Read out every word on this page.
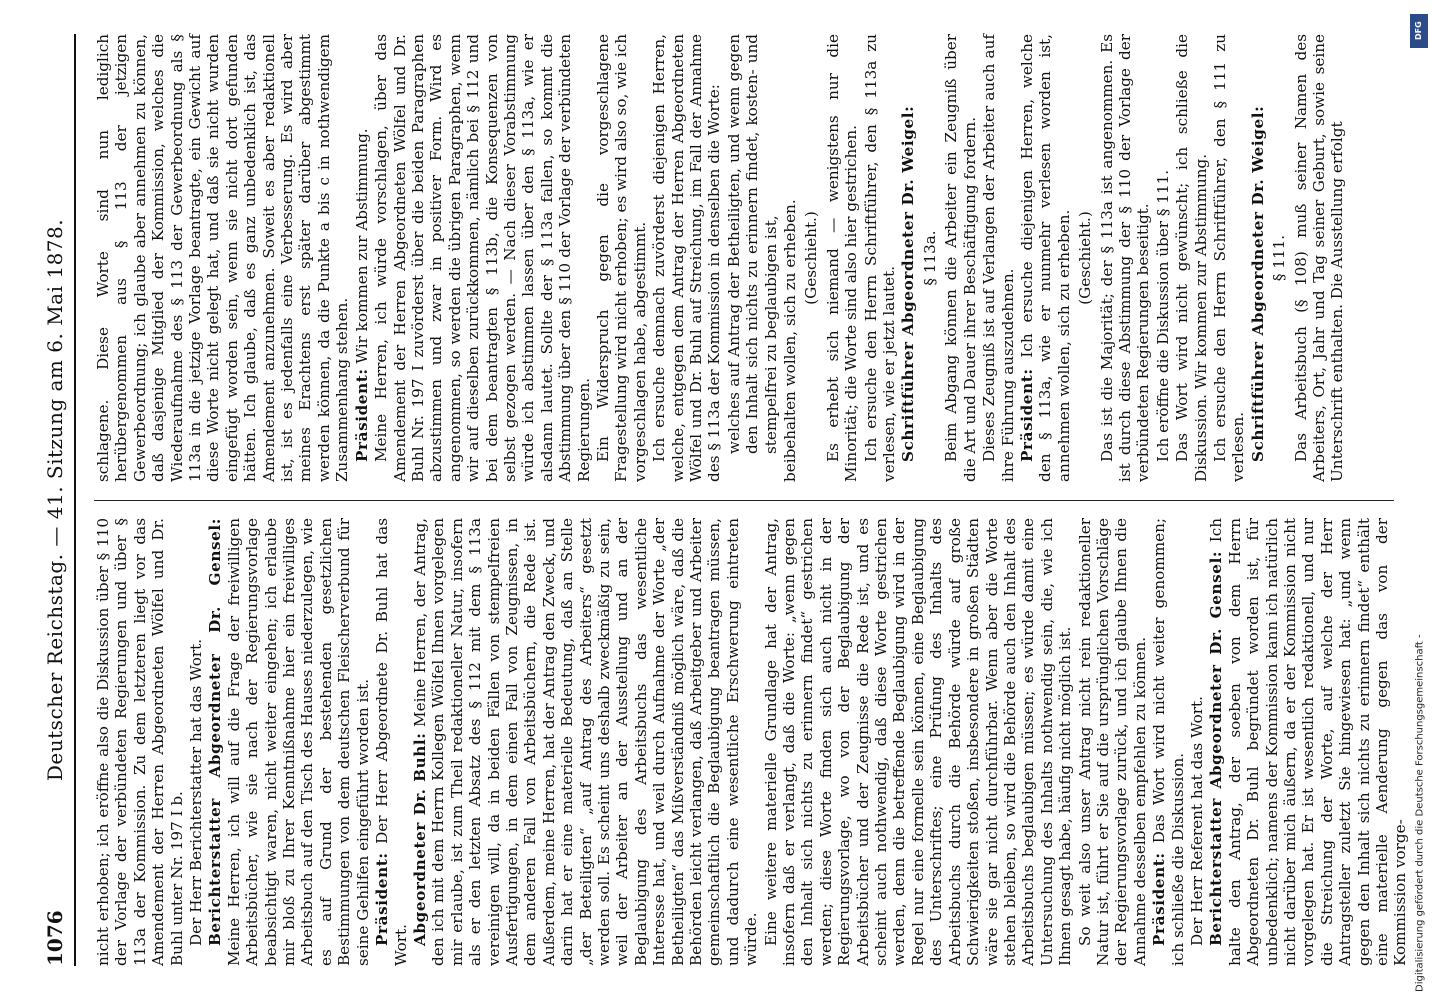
1076
Deutscher Reichstag. — 41. Sitzung am 6. Mai 1878.	nicht erhoben; ich eröffne also die Diskussion über § 110 der Vorlage der verbündeten Regierungen und über § 113a der Kommission. Zu dem letzteren liegt vor das Amendement der Herren Abgeordneten Wölfel und Dr. Buhl unter Nr. 197 I b. Der Herr Berichterstatter hat das Wort. Berichterstatter Abgeordneter Dr. Gensel: Meine Herren, ich will auf die Frage der freiwilligen Arbeitsbücher, wie sie nach der Regierungsvorlage beabsichtigt waren, nicht weiter eingehen; ich erlaube mir bloß zu Ihrer Kenntnißnahme hier ein freiwilliges Arbeitsbuch auf den Tisch des Hauses niederzulegen, wie es auf Grund der bestehenden gesetzlichen Bestimmungen von dem deutschen Fleischerverbund für seine Gehilfen eingeführt worden ist. Präsident: Der Herr Abgeordnete Dr. Buhl hat das Wort. Abgeordneter Dr. Buhl: Meine Herren, der Antrag, den ich mit dem Herrn Kollegen Wölfel Ihnen vorgelegen mir erlaube, ist zum Theil redaktioneller Natur, insofern als er den letzten Absatz des § 112 mit dem § 113a vereinigen will, da in beiden Fällen von stempelfreien Ausfertigungen, in dem einen Fall von Zeugnissen, in dem anderen Fall von Arbeitsbüchern, die Rede ist. Außerdem, meine Herren, hat der Antrag den Zweck, und darin hat er eine materielle Bedeutung, daß an Stelle „der Beteiligten“ „auf Antrag des Arbeiters“ gesetzt werden soll. Es scheint uns deshalb zweckmäßig zu sein, weil der Arbeiter an der Ausstellung und an der Beglaubigung des Arbeitsbuchs das wesentliche Interesse hat, und weil durch Aufnahme der Worte „der Betheiligten“ das Mißverständniß möglich wäre, daß die Behörden leicht verlangen, daß Arbeitgeber und Arbeiter gemeinschaftlich die Beglaubigung beantragen müssen, und dadurch eine wesentliche Erschwerung eintreten würde. Eine weitere materielle Grundlage hat der Antrag, insofern daß er verlangt, daß die Worte: „wenn gegen den Inhalt sich nichts zu erinnern findet“ gestrichen werden; diese Worte finden sich auch nicht in der Regierungsvorlage, wo von der Beglaubigung der Arbeitsbücher und der Zeugnisse die Rede ist, und es scheint auch nothwendig, daß diese Worte gestrichen werden, denn die betreffende Beglaubigung wird in der Regel nur eine formelle sein können, eine Beglaubigung des Unterschriftes; eine Prüfung des Inhalts des Arbeitsbuchs durch die Behörde würde auf große Schwierigkeiten stoßen, insbesondere in großen Städten wäre sie gar nicht durchführbar. Wenn aber die Worte stehen bleiben, so wird die Behörde auch den Inhalt des Arbeitsbuchs beglaubigen müssen; es würde damit eine Untersuchung des Inhalts nothwendig sein, die, wie ich Ihnen gesagt habe, häufig nicht möglich ist. So weit also unser Antrag nicht rein redaktioneller Natur ist, führt er Sie auf die ursprünglichen Vorschläge der Regierungsvorlage zurück, und ich glaube Ihnen die Annahme desselben empfehlen zu können. Präsident: Das Wort wird nicht weiter genommen; ich schließe die Diskussion. Der Herr Referent hat das Wort. Berichterstatter Abgeordneter Dr. Gensel: Ich halte den Antrag, der soeben von dem Herrn Abgeordneten Dr. Buhl begründet worden ist, für unbedenklich; namens der Kommission kann ich natürlich nicht darüber mich äußern, da er der Kommission nicht vorgelegen hat. Er ist wesentlich redaktionell, und nur die Streichung der Worte, auf welche der Herr Antragsteller zuletzt Sie hingewiesen hat: „und wenn gegen den Inhalt sich nichts zu erinnern findet“ enthält eine materielle Aenderung gegen das von der Kommission vorge-

schlagene. Diese Worte sind nun lediglich herübergenommen aus § 113 der jetzigen Gewerbeordnung; ich glaube aber annehmen zu können, daß dasjenige Mitglied der Kommission, welches die Wiederaufnahme des § 113 der Gewerbeordnung als § 113a in die jetzige Vorlage beantragte, ein Gewicht auf diese Worte nicht gelegt hat, und daß sie nicht wurden eingefügt worden sein, wenn sie nicht dort gefunden hätten. Ich glaube, daß es ganz unbedenklich ist, das Amendement anzunehmen. Soweit es aber redaktionell ist, ist es jedenfalls eine Verbesserung. Es wird aber meines Erachtens erst später darüber abgestimmt werden können, da die Punkte a bis c in nothwendigem Zusammenhang stehen. Präsident: Wir kommen zur Abstimmung. Meine Herren, ich würde vorschlagen, über das Amendement der Herren Abgeordneten Wölfel und Dr. Buhl Nr. 197 I zuvörderst über die beiden Paragraphen abzustimmen und zwar in positiver Form. Wird es angenommen, so werden die übrigen Paragraphen, wenn wir auf dieselben zurückkommen, nämlich bei § 112 und bei dem beantragten § 113b, die Konsequenzen von selbst gezogen werden. — Nach dieser Vorabstimmung würde ich abstimmen lassen über den § 113a, wie er alsdann lautet. Sollte der § 113a fallen, so kommt die Abstimmung über den § 110 der Vorlage der verbündeten Regierungen. Ein Widerspruch gegen die vorgeschlagene Fragestellung wird nicht erhoben; es wird also so, wie ich vorgeschlagen habe, abgestimmt. Ich ersuche demnach zuvörderst diejenigen Herren, welche, entgegen dem Antrag der Herren Abgeordneten Wölfel und Dr. Buhl auf Streichung, im Fall der Annahme des § 113a der Kommission in denselben die Worte: welches auf Antrag der Betheiligten, und wenn gegen den Inhalt sich nichts zu erinnern findet, kosten- und stempelfrei zu beglaubigen ist, beibehalten wollen, sich zu erheben. (Geschieht.) Es erhebt sich niemand — wenigstens nur die Minorität; die Worte sind also hier gestrichen. Ich ersuche den Herrn Schriftführer, den § 113a zu verlesen, wie er jetzt lautet. Schriftführer Abgeordneter Dr. Weigel: § 113a. Beim Abgang können die Arbeiter ein Zeugniß über die Art und Dauer ihrer Beschäftigung fordern. Dieses Zeugniß ist auf Verlangen der Arbeiter auch auf ihre Führung auszudehnen. Präsident: Ich ersuche diejenigen Herren, welche den § 113a, wie er nunmehr verlesen worden ist, annehmen wollen, sich zu erheben. (Geschieht.) Das ist die Majorität; der § 113a ist angenommen. Es ist durch diese Abstimmung der § 110 der Vorlage der verbündeten Regierungen beseitigt. Ich eröffne die Diskussion über § 111. Das Wort wird nicht gewünscht; ich schließe die Diskussion. Wir kommen zur Abstimmung. Ich ersuche den Herrn Schriftführer, den § 111 zu verlesen. Schriftführer Abgeordneter Dr. Weigel: § 111. Das Arbeitsbuch (§ 108) muß seiner Namen des Arbeiters, Ort, Jahr und Tag seiner Geburt, sowie seine Unterschrift enthalten. Die Ausstellung erfolgt

DFG
Digitalisierung gefördert durch die Deutsche Forschungsgemeinschaft -
